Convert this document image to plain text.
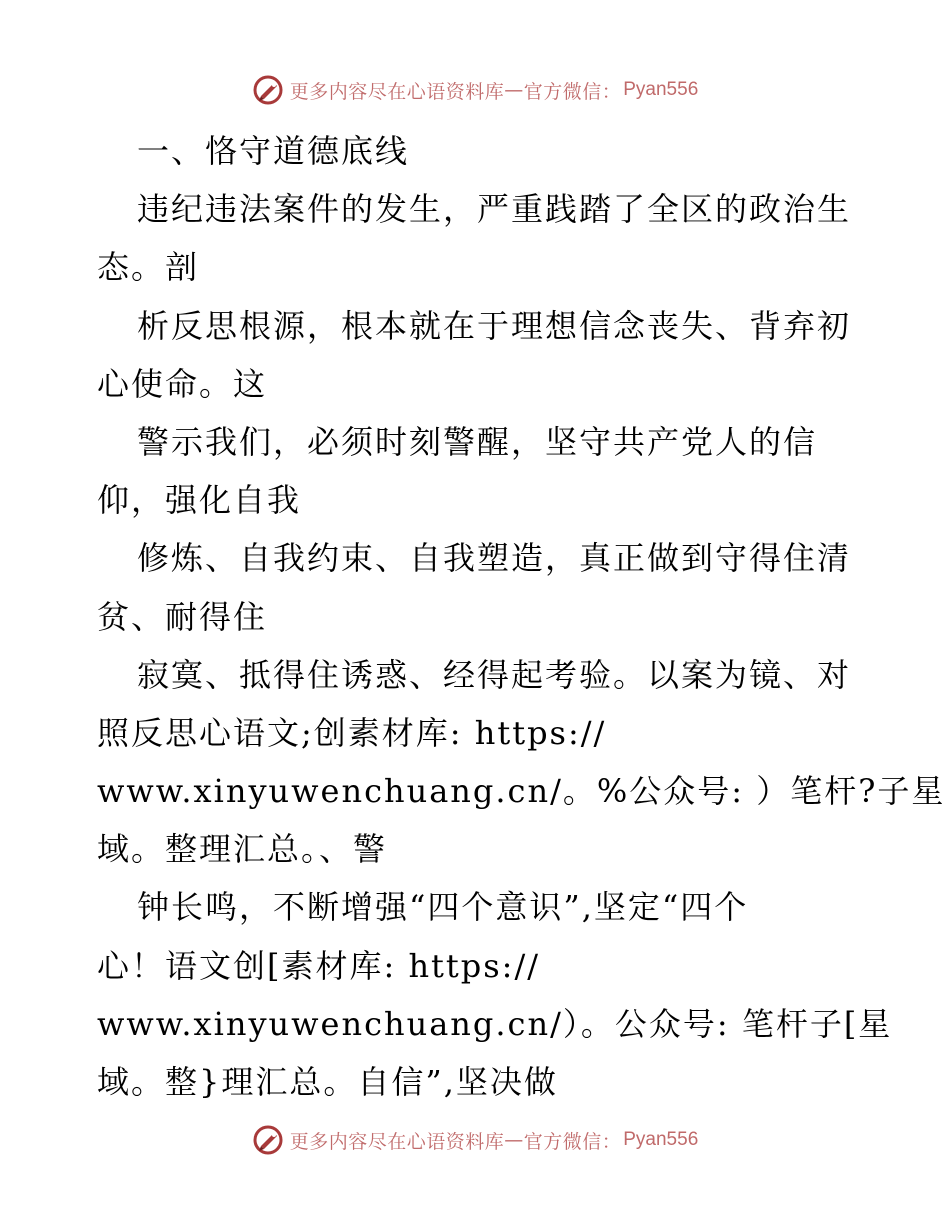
更多内容尽在心语资料库 — 官方微信： Pyan556
一、恪守道德底线
违纪违法案件的发生，严重践踏了全区的政治生
态。剖
析反思根源，根本就在于理想信念丧失、背弃初
心使命。这
警示我们，必须时刻警醒，坚守共产党人的信
仰，强化自我
修炼、自我约束、自我塑造，真正做到守得住清
贫、耐得住
寂寞、抵得住诱惑、经得起考验。以案为镜、对
照反思心语文;创素材库: https://
www.xinyuwenchuang.cn/。%公众号: ）笔杆?子星
域。整理汇总。、警
钟长鸣，不断增强“四个意识”,坚定“四个
心！语文创[素材库: https://
www.xinyuwenchuang.cn/）。公众号: 笔杆子[星
域。整}理汇总。自信”,坚决做
更多内容尽在心语资料库 — 官方微信： Pyan556
